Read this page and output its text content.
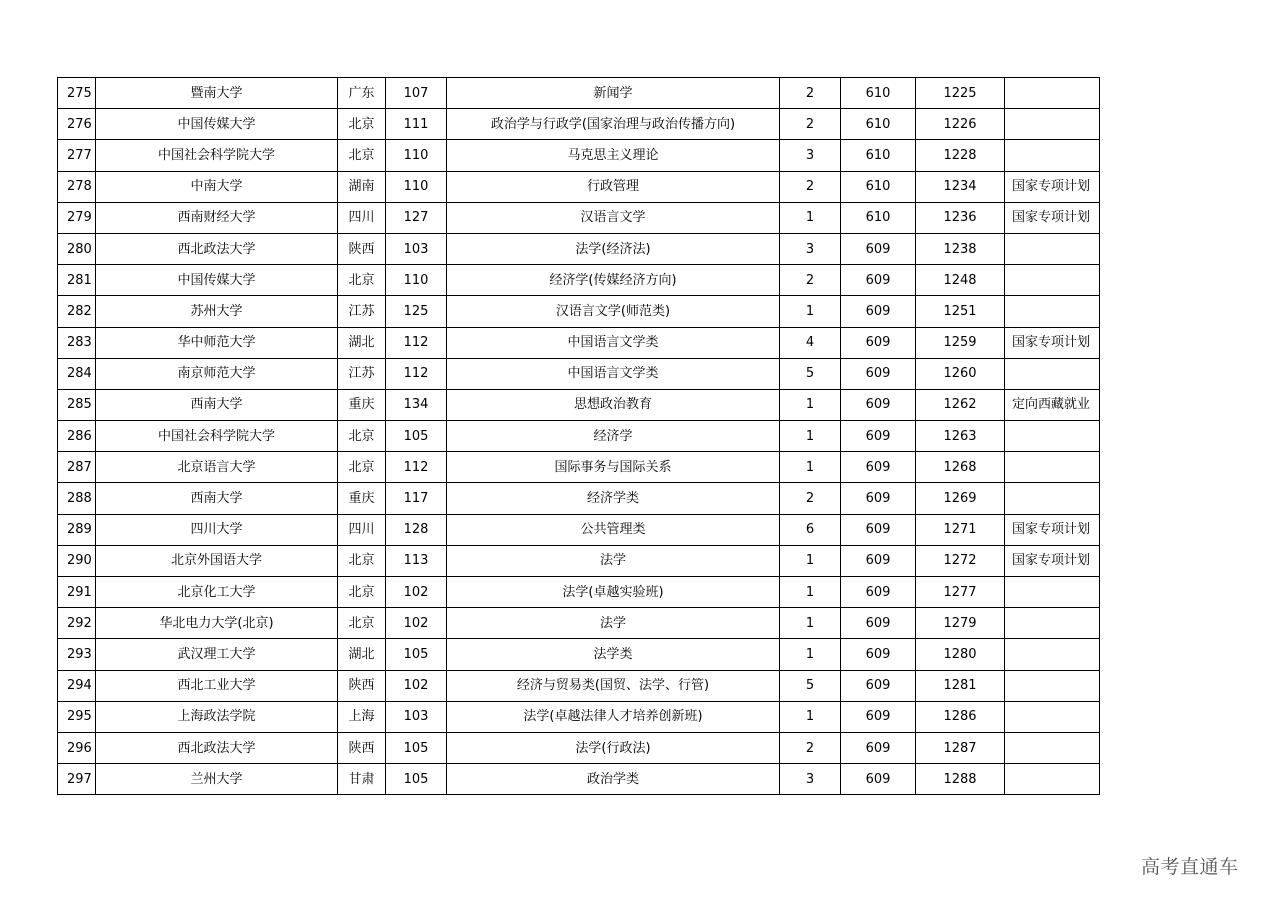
275	暨南大学	广东	107	新闻学	2	610	1225	
276	中国传媒大学	北京	111	政治学与行政学(国家治理与政治传播方向)	2	610	1226	
277	中国社会科学院大学	北京	110	马克思主义理论	3	610	1228	
278	中南大学	湖南	110	行政管理	2	610	1234	国家专项计划
279	西南财经大学	四川	127	汉语言文学	1	610	1236	国家专项计划
280	西北政法大学	陕西	103	法学(经济法)	3	609	1238	
281	中国传媒大学	北京	110	经济学(传媒经济方向)	2	609	1248	
282	苏州大学	江苏	125	汉语言文学(师范类)	1	609	1251	
283	华中师范大学	湖北	112	中国语言文学类	4	609	1259	国家专项计划
284	南京师范大学	江苏	112	中国语言文学类	5	609	1260	
285	西南大学	重庆	134	思想政治教育	1	609	1262	定向西藏就业
286	中国社会科学院大学	北京	105	经济学	1	609	1263	
287	北京语言大学	北京	112	国际事务与国际关系	1	609	1268	
288	西南大学	重庆	117	经济学类	2	609	1269	
289	四川大学	四川	128	公共管理类	6	609	1271	国家专项计划
290	北京外国语大学	北京	113	法学	1	609	1272	国家专项计划
291	北京化工大学	北京	102	法学(卓越实验班)	1	609	1277	
292	华北电力大学(北京)	北京	102	法学	1	609	1279	
293	武汉理工大学	湖北	105	法学类	1	609	1280	
294	西北工业大学	陕西	102	经济与贸易类(国贸、法学、行管)	5	609	1281	
295	上海政法学院	上海	103	法学(卓越法律人才培养创新班)	1	609	1286	
296	西北政法大学	陕西	105	法学(行政法)	2	609	1287	
297	兰州大学	甘肃	105	政治学类	3	609	1288	
高考直通车
